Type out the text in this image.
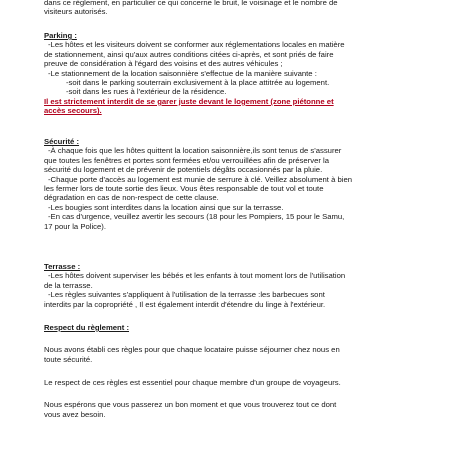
dans ce règlement, en particulier ce qui concerne le bruit, le voisinage et le nombre de

visiteurs autorisés.

Parking :

-Les hôtes et les visiteurs doivent se conformer aux réglementations locales en matière

de stationnement, ainsi qu'aux autres conditions citées ci-après, et sont priés de faire

preuve de considération à l'égard des voisins et des autres véhicules ;

-Le stationnement de la location saisonnière s'effectue de la manière suivante :

-soit dans le parking souterrain exclusivement à la place attitrée au logement.

-soit dans les rues à l'extérieur de la résidence.

Il est strictement interdit de se garer juste devant le logement (zone piétonne et

accès secours).

Sécurité :

-À chaque fois que les hôtes quittent la location saisonnière,ils sont tenus de s'assurer

que toutes les fenêtres et portes sont fermées et/ou verrouillées afin de préserver la

sécurité du logement et de prévenir de potentiels dégâts occasionnés par la pluie.

-Chaque porte d'accès au logement est munie de serrure à clé. Veillez absolument à bien

les fermer lors de toute sortie des lieux. Vous êtes responsable de tout vol et toute

dégradation en cas de non-respect de cette clause.

-Les bougies sont interdites dans la location ainsi que sur la terrasse.

-En cas d'urgence, veuillez avertir les secours (18 pour les Pompiers, 15 pour le Samu,

17 pour la Police).

Terrasse :

-Les hôtes doivent superviser les bébés et les enfants à tout moment lors de l'utilisation

de la terrasse.

-Les règles suivantes s'appliquent à l'utilisation de la terrasse :les barbecues sont

interdits par la copropriété , Il est également interdit d'étendre du linge à l'extérieur.

Respect du règlement :

Nous avons établi ces règles pour que chaque locataire puisse séjourner chez nous en

toute sécurité.

Le respect de ces règles est essentiel pour chaque membre d'un groupe de voyageurs.

Nous espérons que vous passerez un bon moment et que vous trouverez tout ce dont

vous avez besoin.
